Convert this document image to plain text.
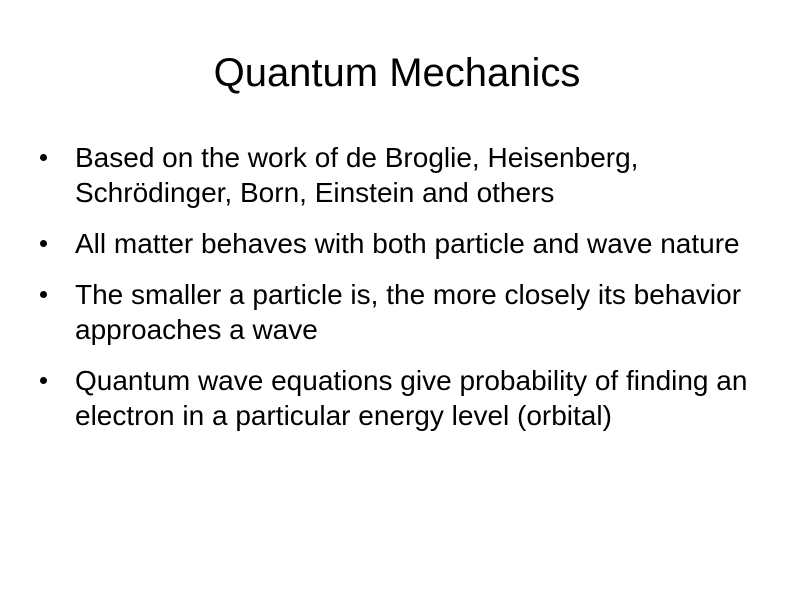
Quantum Mechanics
Based on the work of de Broglie, Heisenberg, Schrödinger, Born, Einstein and others
All matter behaves with both particle and wave nature
The smaller a particle is, the more closely its behavior approaches a wave
Quantum wave equations give probability of finding an electron in a particular energy level (orbital)
